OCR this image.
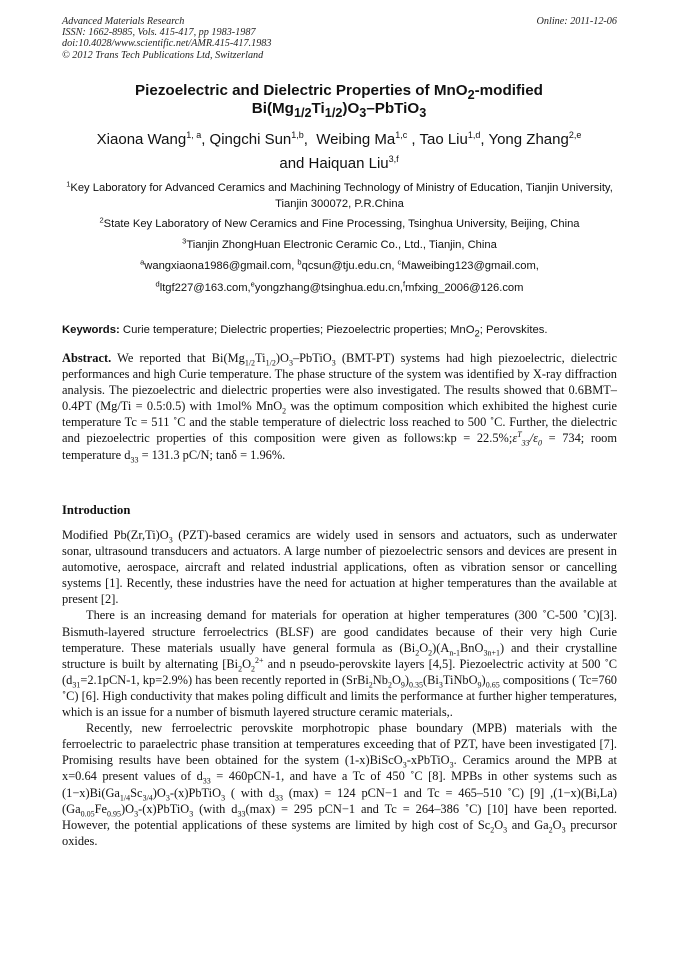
Advanced Materials Research
ISSN: 1662-8985, Vols. 415-417, pp 1983-1987
doi:10.4028/www.scientific.net/AMR.415-417.1983
© 2012 Trans Tech Publications Ltd, Switzerland
Online: 2011-12-06
Piezoelectric and Dielectric Properties of MnO$_2$-modified
$Bi(Mg_{1/2}Ti_{1/2})O_3-PbTiO_3$
Xiaona Wang$^{1, a}$, Qingchi Sun$^{1,b}$,  Weibing Ma$^{1,c}$ , Tao Liu$^{1,d}$, Yong Zhang$^{2,e}$
and Haiquan Liu$^{3,f}$
$^1$Key Laboratory for Advanced Ceramics and Machining Technology of Ministry of Education, Tianjin University, Tianjin 300072, P.R.China
$^2$State Key Laboratory of New Ceramics and Fine Processing, Tsinghua University, Beijing, China
$^3$Tianjin ZhongHuan Electronic Ceramic Co., Ltd., Tianjin, China
$^a$wangxiaona1986@gmail.com, $^b$qcsun@tju.edu.cn, $^c$Maweibing123@gmail.com,
$^d$ltgf227@163.com,$^e$yongzhang@tsinghua.edu.cn,$^f$mfxing_2006@126.com
Keywords: Curie temperature; Dielectric properties; Piezoelectric properties; MnO$_2$; Perovskites.

Abstract. We reported that $Bi(Mg_{1/2}Ti_{1/2})O_3-PbTiO_3$ (BMT-PT) systems had high piezoelectric, dielectric performances and high Curie temperature. The phase structure of the system was identified by X-ray diffraction analysis. The piezoelectric and dielectric properties were also investigated. The results showed that 0.6BMT–0.4PT (Mg/Ti = 0.5:0.5) with 1mol% MnO$_2$ was the optimum composition which exhibited the highest curie temperature Tc = 511 ˚C and the stable temperature of dielectric loss reached to 500 ˚C. Further, the dielectric and piezoelectric properties of this composition were given as follows:kp = $22.5\%;\varepsilon^T_{33}/\varepsilon_0 = 734$; room temperature $d_{33} = 131.3$ pC/N; tanδ = 1.96%.

Introduction

Modified $Pb(Zr,Ti)O_3$ (PZT)-based ceramics are widely used in sensors and actuators, such as underwater sonar, ultrasound transducers and actuators. A large number of piezoelectric sensors and devices are present in automotive, aerospace, aircraft and related industrial applications, often as vibration sensor or cancelling systems [1]. Recently, these industries have the need for actuation at higher temperatures than the available at present [2].

There is an increasing demand for materials for operation at higher temperatures (300 ˚C-500 ˚C)[3]. Bismuth-layered structure ferroelectrics (BLSF) are good candidates because of their very high Curie temperature. These materials usually have general formula as $(Bi_2O_2)(A_{n-1}BnO_{3n+1})$ and their crystalline structure is built by alternating [$Bi_2O_2^{2+}$ and n pseudo-perovskite layers [4,5]. Piezoelectric activity at 500 ˚C ($d_{31}=2.1pCN-1$, kp=2.9%) has been recently reported in $(SrBi_2Nb_2O_9)_{0.35}(Bi_3TiNbO_9)_{0.65}$ compositions ( Tc=760 ˚C) [6]. High conductivity that makes poling difficult and limits the performance at further higher temperatures, which is an issue for a number of bismuth layered structure ceramic materials,.

Recently, new ferroelectric perovskite morphotropic phase boundary (MPB) materials with the ferroelectric to paraelectric phase transition at temperatures exceeding that of PZT, have been investigated [7]. Promising results have been obtained for the system (1-x)BiScO$_3$-xPbTiO$_3$. Ceramics around the MPB at x=0.64 present values of $d_{33} = 460pCN-1$, and have a Tc of 450 ˚C [8]. MPBs in other systems such as $(1-x)Bi(Ga_{1/4}Sc_{3/4})O_3-(x)PbTiO_3$ ( with $d_{33}$ (max) = 124 pCN−1 and Tc = 465–510 ˚C) [9] $,(1-x)(Bi,La)(Ga_{0.05}Fe_{0.95})O_3-(x)PbTiO_3$ (with $d_{33}(\max) = 295$ pCN−1 and Tc = 264–386 ˚C) [10] have been reported. However, the potential applications of these systems are limited by high cost of $Sc_2O_3$ and $Ga_2O_3$ precursor oxides.
